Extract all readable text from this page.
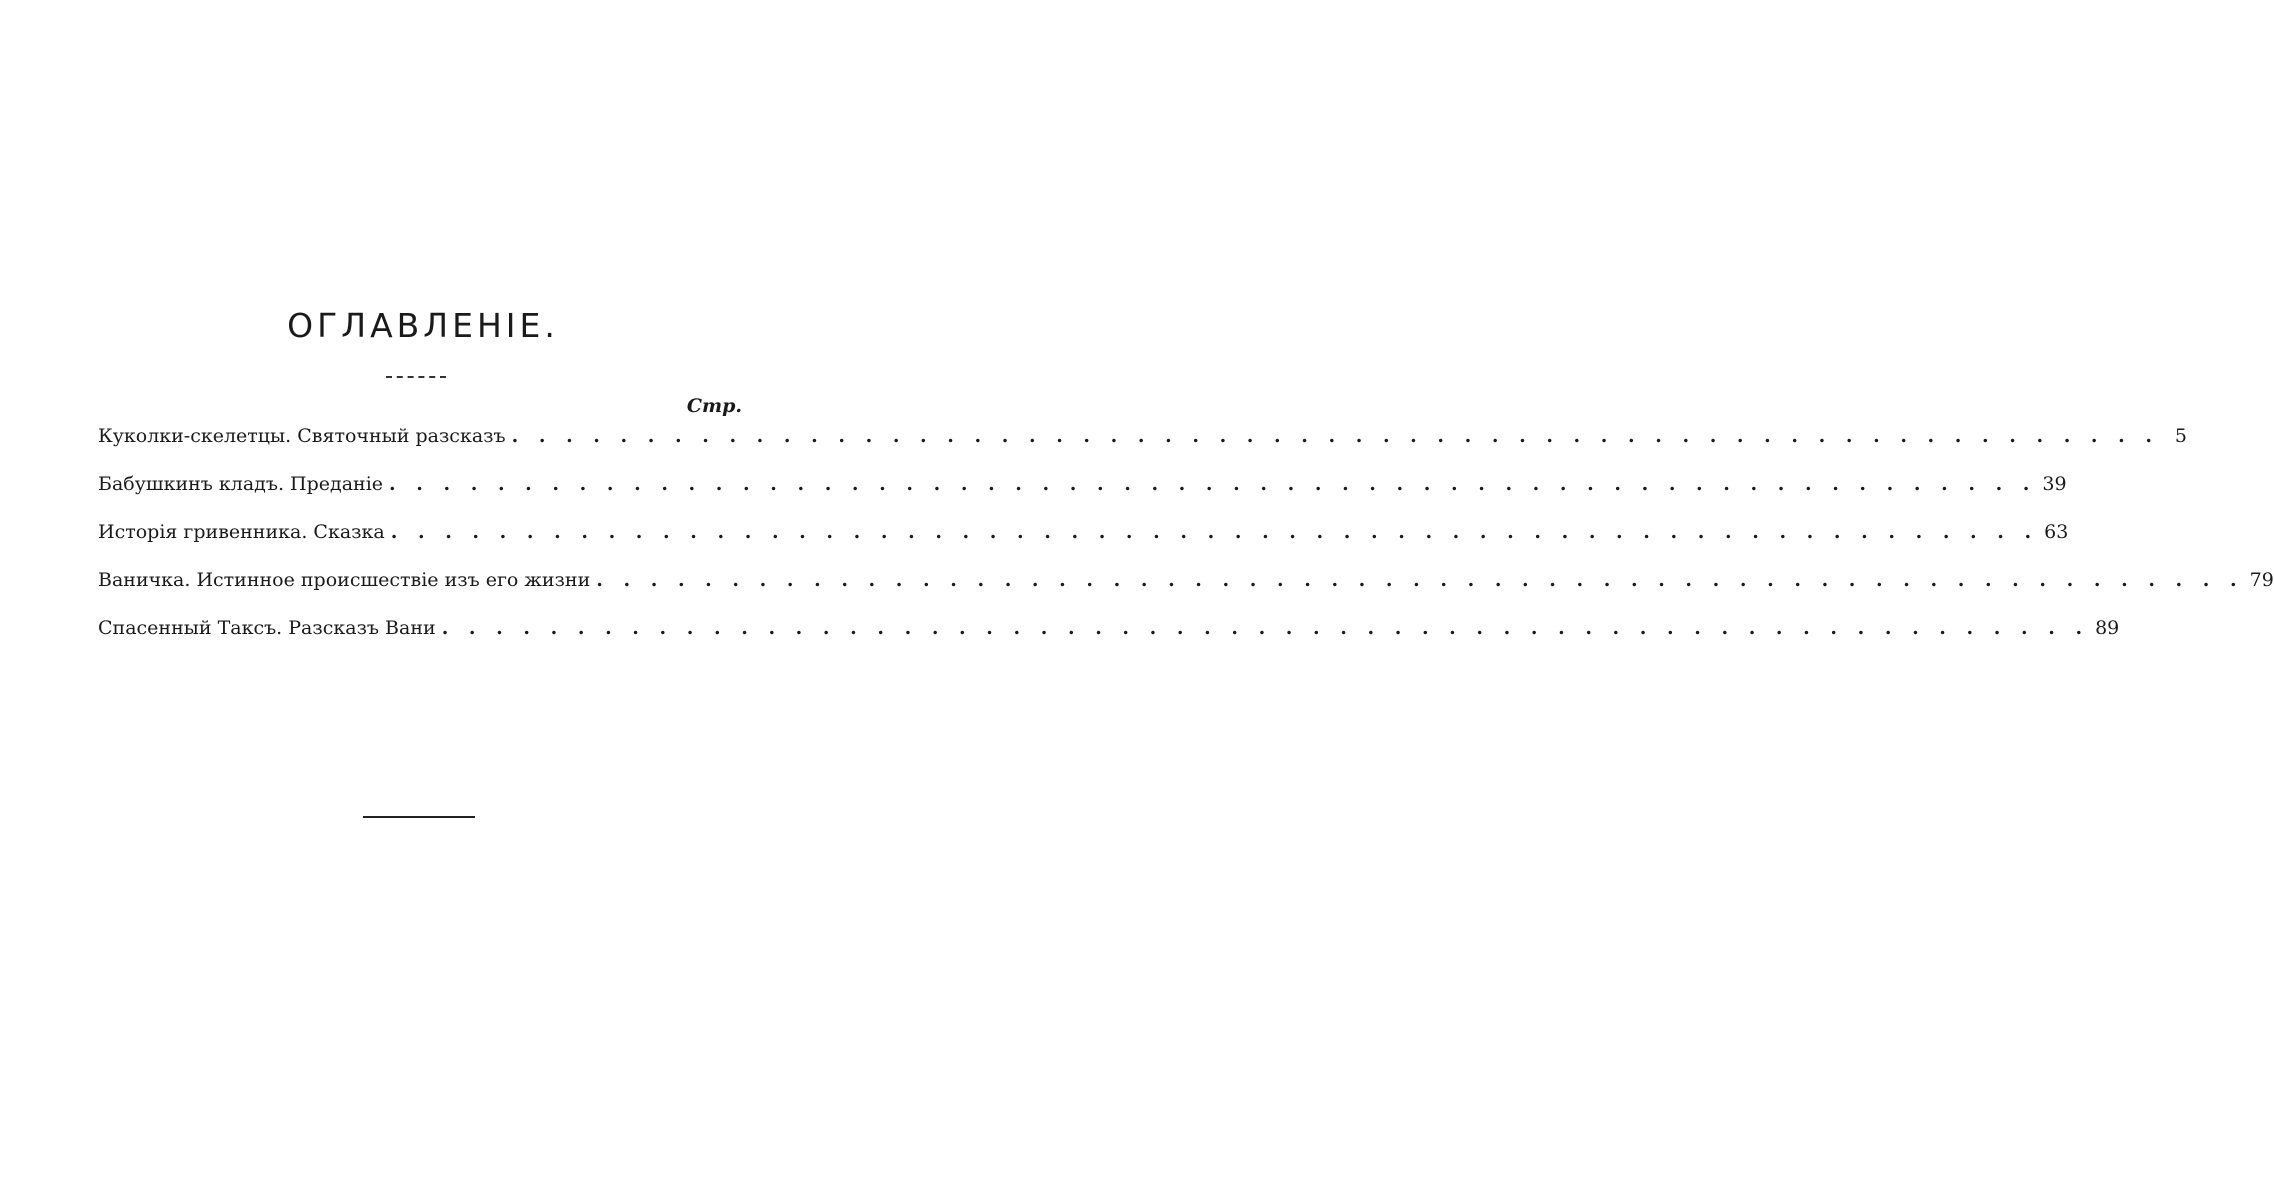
ОГЛАВЛЕНІЕ.
Стр.
Куколки-скелетцы. Святочный разсказъ . . . . . . . . . . . . . . . . . . . . . . . . . . . . . . . . . . . . . . . . . . . . . . . . . . . . . . . . . . . . . 5
Бабушкинъ кладъ. Преданіе . . . . . . . . . . . . . . . . . . . . . . . . . . . . . . . . . . . . . . . . . . . . . . . . . . . . . . . . . . . . . 39
Исторія гривенника. Сказка . . . . . . . . . . . . . . . . . . . . . . . . . . . . . . . . . . . . . . . . . . . . . . . . . . . . . . . . . . . . . 63
Ваничка. Истинное происшествіе изъ его жизни . . . . . . . . . . . . . . . . . . . . . . . . . . . . . . . . . . . . . . . . . . . . . . . . . . . . . . . . . . . . . 79
Спасенный Таксъ. Разсказъ Вани . . . . . . . . . . . . . . . . . . . . . . . . . . . . . . . . . . . . . . . . . . . . . . . . . . . . . . . . . . . . . 89
